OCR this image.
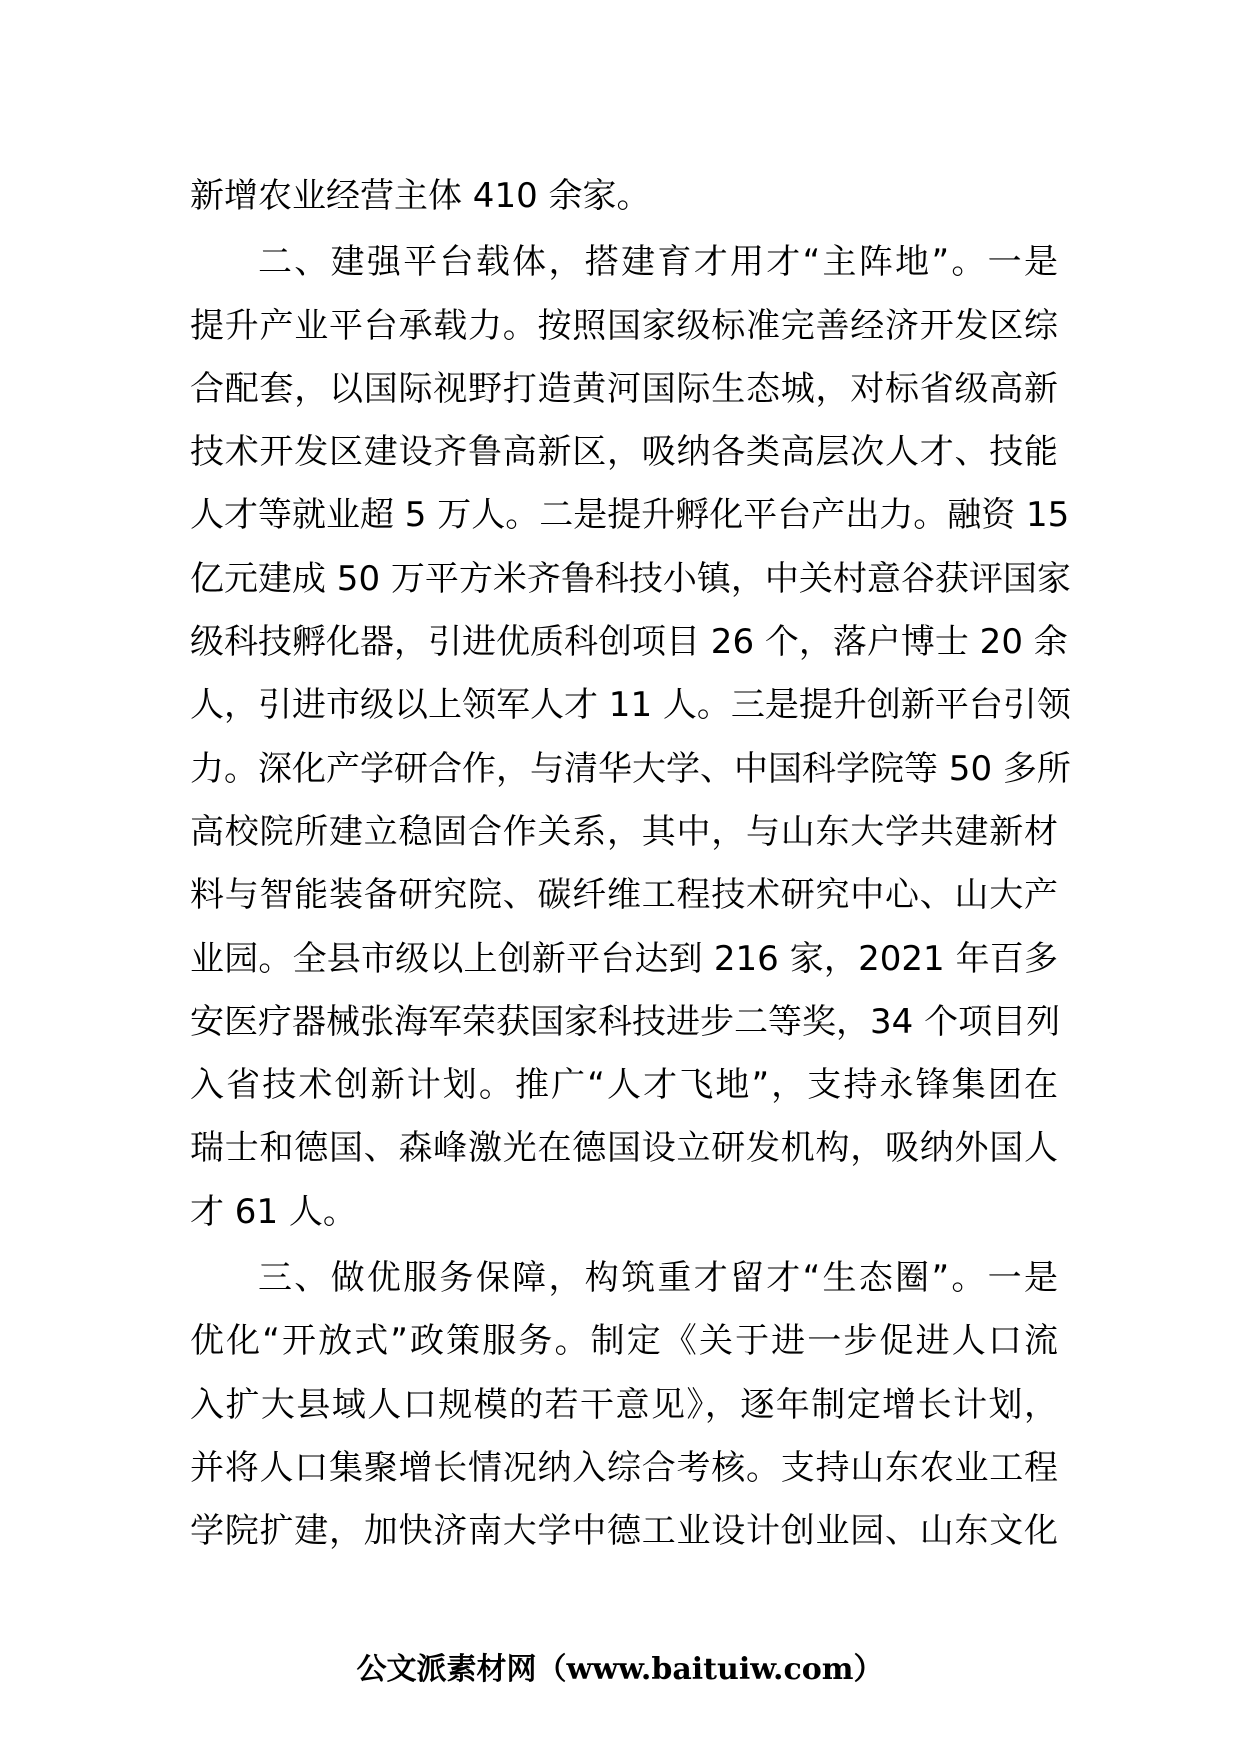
新增农业经营主体 410 余家。
二、建强平台载体，搭建育才用才“主阵地”。一是
提升产业平台承载力。按照国家级标准完善经济开发区综
合配套，以国际视野打造黄河国际生态城，对标省级高新
技术开发区建设齐鲁高新区，吸纳各类高层次人才、技能
人才等就业超 5 万人。二是提升孵化平台产出力。融资 15
亿元建成 50 万平方米齐鲁科技小镇，中关村意谷获评国家
级科技孵化器，引进优质科创项目 26 个，落户博士 20 余
人，引进市级以上领军人才 11 人。三是提升创新平台引领
力。深化产学研合作，与清华大学、中国科学院等 50 多所
高校院所建立稳固合作关系，其中，与山东大学共建新材
料与智能装备研究院、碳纤维工程技术研究中心、山大产
业园。全县市级以上创新平台达到 216 家，2021 年百多
安医疗器械张海军荣获国家科技进步二等奖，34 个项目列
入省技术创新计划。推广“人才飞地”，支持永锋集团在
瑞士和德国、森峰激光在德国设立研发机构，吸纳外国人
才 61 人。
三、做优服务保障，构筑重才留才“生态圈”。一是
优化“开放式”政策服务。制定《关于进一步促进人口流
入扩大县域人口规模的若干意见》，逐年制定增长计划，
并将人口集聚增长情况纳入综合考核。支持山东农业工程
学院扩建，加快济南大学中德工业设计创业园、山东文化
公文派素材网（www.baituiw.com）
